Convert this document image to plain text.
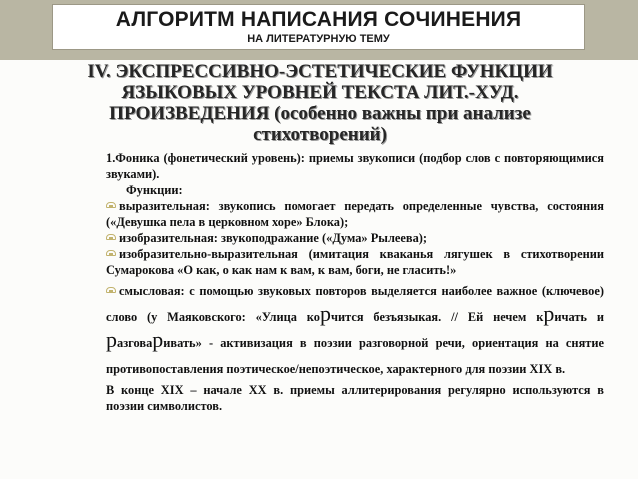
АЛГОРИТМ НАПИСАНИЯ СОЧИНЕНИЯ
НА ЛИТЕРАТУРНУЮ ТЕМУ
IV. ЭКСПРЕССИВНО-ЭСТЕТИЧЕСКИЕ ФУНКЦИИ
ЯЗЫКОВЫХ УРОВНЕЙ ТЕКСТА ЛИТ.-ХУД.
ПРОИЗВЕДЕНИЯ (особенно важны при анализе
стихотворений)

1.Фоника (фонетический уровень): приемы звукописи (подбор слов с повторяющимися звуками).

Функции:

выразительная: звукопись помогает передать определенные чувства, состояния («Девушка пела в церковном хоре» Блока);

изобразительная: звукоподражание («Дума» Рылеева);

изобразительно-выразительная (имитация кваканья лягушек в стихотворении Сумарокова «О как, о как нам к вам, к вам, боги, не гласить!»

смысловая: с помощью звуковых повторов выделяется наиболее важное (ключевое) слово (у Маяковского: «Улица корчится безъязыкая. // Ей нечем кричать и разговаривать» - активизация в поэзии разговорной речи, ориентация на снятие противопоставления поэтическое/непоэтическое, характерного для поэзии XIX в.

В конце XIX – начале XX в. приемы аллитерирования регулярно используются в поэзии символистов.
